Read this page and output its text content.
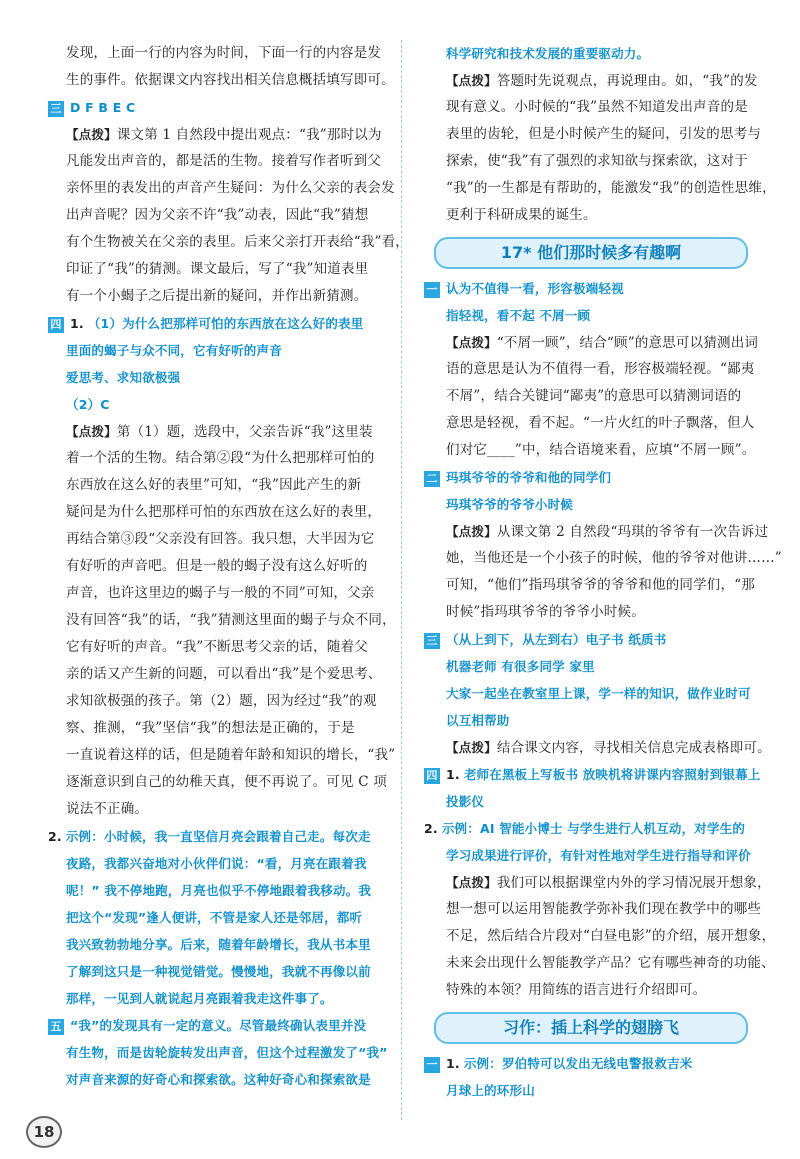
发现，上面一行的内容为时间，下面一行的内容是发
生的事件。依据课文内容找出相关信息概括填写即可。
三 D F B E C
【点拨】课文第 1 自然段中提出观点：“我”那时以为
凡能发出声音的，都是活的生物。接着写作者听到父
亲怀里的表发出的声音产生疑问：为什么父亲的表会发
出声音呢？因为父亲不许“我”动表，因此“我”猜想
有个生物被关在父亲的表里。后来父亲打开表给“我”看，
印证了“我”的猜测。课文最后，写了“我”知道表里
有一个小蝎子之后提出新的疑问，并作出新猜测。
四 1. （1）为什么把那样可怕的东西放在这么好的表里
里面的蝎子与众不同，它有好听的声音
爱思考、求知欲极强
（2）C
【点拨】第（1）题，选段中，父亲告诉“我”这里装
着一个活的生物。结合第②段“为什么把那样可怕的
东西放在这么好的表里”可知，“我”因此产生的新
疑问是为什么把那样可怕的东西放在这么好的表里，
再结合第③段“父亲没有回答。我只想，大半因为它
有好听的声音吧。但是一般的蝎子没有这么好听的
声音，也许这里边的蝎子与一般的不同”可知，父亲
没有回答“我”的话，“我”猜测这里面的蝎子与众不同，
它有好听的声音。“我”不断思考父亲的话，随着父
亲的话又产生新的问题，可以看出“我”是个爱思考、
求知欲极强的孩子。第（2）题，因为经过“我”的观
察、推测，“我”坚信“我”的想法是正确的，于是
一直说着这样的话，但是随着年龄和知识的增长，“我”
逐渐意识到自己的幼稚天真，便不再说了。可见 C 项
说法不正确。
2. 示例：小时候，我一直坚信月亮会跟着自己走。每次走
夜路，我都兴奋地对小伙伴们说：“看，月亮在跟着我
呢！” 我不停地跑，月亮也似乎不停地跟着我移动。我
把这个“发现”逢人便讲，不管是家人还是邻居，都听
我兴致勃勃地分享。后来，随着年龄增长，我从书本里
了解到这只是一种视觉错觉。慢慢地，我就不再像以前
那样，一见到人就说起月亮跟着我走这件事了。
五 “我”的发现具有一定的意义。尽管最终确认表里并没
有生物，而是齿轮旋转发出声音，但这个过程激发了“我”
对声音来源的好奇心和探索欲。这种好奇心和探索欲是
科学研究和技术发展的重要驱动力。
【点拨】答题时先说观点，再说理由。如，“我”的发
现有意义。小时候的“我”虽然不知道发出声音的是
表里的齿轮，但是小时候产生的疑问，引发的思考与
探索，使“我”有了强烈的求知欲与探索欲，这对于
“我”的一生都是有帮助的，能激发“我”的创造性思维，
更利于科研成果的诞生。
17* 他们那时候多有趣啊
一 认为不值得一看，形容极端轻视
指轻视，看不起 不屑一顾
【点拨】“不屑一顾”，结合“顾”的意思可以猜测出词
语的意思是认为不值得一看，形容极端轻视。“鄙夷
不屑”，结合关键词“鄙夷”的意思可以猜测词语的
意思是轻视，看不起。“一片火红的叶子飘落，但人
们对它____”中，结合语境来看，应填“不屑一顾”。
二 玛琪爷爷的爷爷和他的同学们
玛琪爷爷的爷爷小时候
【点拨】从课文第 2 自然段“玛琪的爷爷有一次告诉过
她，当他还是一个小孩子的时候，他的爷爷对他讲……”
可知，“他们”指玛琪爷爷的爷爷和他的同学们，“那
时候”指玛琪爷爷的爷爷小时候。
三 （从上到下，从左到右）电子书 纸质书
机器老师 有很多同学 家里
大家一起坐在教室里上课，学一样的知识，做作业时可
以互相帮助
【点拨】结合课文内容，寻找相关信息完成表格即可。
四 1. 老师在黑板上写板书 放映机将讲课内容照射到银幕上
投影仪
2. 示例：AI 智能小博士 与学生进行人机互动，对学生的
学习成果进行评价，有针对性地对学生进行指导和评价
【点拨】我们可以根据课堂内外的学习情况展开想象，
想一想可以运用智能教学弥补我们现在教学中的哪些
不足，然后结合片段对“白昼电影”的介绍，展开想象，
未来会出现什么智能教学产品？它有哪些神奇的功能、
特殊的本领？用简练的语言进行介绍即可。
习作：插上科学的翅膀飞
一 1. 示例：罗伯特可以发出无线电警报救吉米
月球上的环形山
18
